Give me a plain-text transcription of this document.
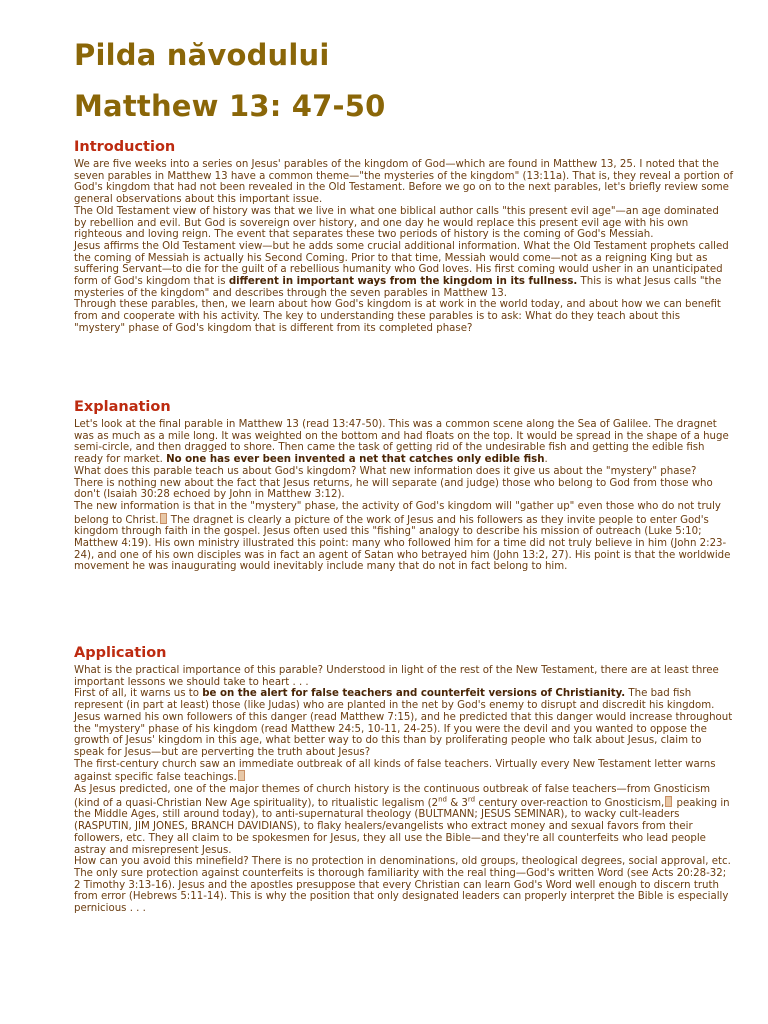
Pilda năvodului
Matthew 13: 47-50
Introduction

We are five weeks into a series on Jesus' parables of the kingdom of God—which are found in Matthew 13, 25. I noted that the seven parables in Matthew 13 have a common theme—"the mysteries of the kingdom" (13:11a). That is, they reveal a portion of God's kingdom that had not been revealed in the Old Testament. Before we go on to the next parables, let's briefly review some general observations about this important issue.

The Old Testament view of history was that we live in what one biblical author calls "this present evil age"—an age dominated by rebellion and evil. But God is sovereign over history, and one day he would replace this present evil age with his own righteous and loving reign. The event that separates these two periods of history is the coming of God's Messiah.

Jesus affirms the Old Testament view—but he adds some crucial additional information. What the Old Testament prophets called the coming of Messiah is actually his Second Coming. Prior to that time, Messiah would come—not as a reigning King but as suffering Servant—to die for the guilt of a rebellious humanity who God loves. His first coming would usher in an unanticipated form of God's kingdom that is different in important ways from the kingdom in its fullness. This is what Jesus calls "the mysteries of the kingdom" and describes through the seven parables in Matthew 13.

Through these parables, then, we learn about how God's kingdom is at work in the world today, and about how we can benefit from and cooperate with his activity. The key to understanding these parables is to ask: What do they teach about this "mystery" phase of God's kingdom that is different from its completed phase?

Explanation

Let's look at the final parable in Matthew 13 (read 13:47-50). This was a common scene along the Sea of Galilee. The dragnet was as much as a mile long. It was weighted on the bottom and had floats on the top. It would be spread in the shape of a huge semi-circle, and then dragged to shore. Then came the task of getting rid of the undesirable fish and getting the edible fish ready for market. No one has ever been invented a net that catches only edible fish.

What does this parable teach us about God's kingdom? What new information does it give us about the "mystery" phase?

There is nothing new about the fact that Jesus returns, he will separate (and judge) those who belong to God from those who don't (Isaiah 30:28 echoed by John in Matthew 3:12).

The new information is that in the "mystery" phase, the activity of God's kingdom will "gather up" even those who do not truly belong to Christ. The dragnet is clearly a picture of the work of Jesus and his followers as they invite people to enter God's kingdom through faith in the gospel. Jesus often used this "fishing" analogy to describe his mission of outreach (Luke 5:10; Matthew 4:19). His own ministry illustrated this point: many who followed him for a time did not truly believe in him (John 2:23-24), and one of his own disciples was in fact an agent of Satan who betrayed him (John 13:2, 27). His point is that the worldwide movement he was inaugurating would inevitably include many that do not in fact belong to him.

Application

What is the practical importance of this parable? Understood in light of the rest of the New Testament, there are at least three important lessons we should take to heart . . .

First of all, it warns us to be on the alert for false teachers and counterfeit versions of Christianity. The bad fish represent (in part at least) those (like Judas) who are planted in the net by God's enemy to disrupt and discredit his kingdom. Jesus warned his own followers of this danger (read Matthew 7:15), and he predicted that this danger would increase throughout the "mystery" phase of his kingdom (read Matthew 24:5, 10-11, 24-25). If you were the devil and you wanted to oppose the growth of Jesus' kingdom in this age, what better way to do this than by proliferating people who talk about Jesus, claim to speak for Jesus—but are perverting the truth about Jesus?

The first-century church saw an immediate outbreak of all kinds of false teachers. Virtually every New Testament letter warns against specific false teachings.

As Jesus predicted, one of the major themes of church history is the continuous outbreak of false teachers—from Gnosticism (kind of a quasi-Christian New Age spirituality), to ritualistic legalism (2nd & 3rd century over-reaction to Gnosticism, peaking in the Middle Ages, still around today), to anti-supernatural theology (BULTMANN; JESUS SEMINAR), to wacky cult-leaders (RASPUTIN, JIM JONES, BRANCH DAVIDIANS), to flaky healers/evangelists who extract money and sexual favors from their followers, etc. They all claim to be spokesmen for Jesus, they all use the Bible—and they're all counterfeits who lead people astray and misrepresent Jesus.

How can you avoid this minefield? There is no protection in denominations, old groups, theological degrees, social approval, etc. The only sure protection against counterfeits is thorough familiarity with the real thing—God's written Word (see Acts 20:28-32; 2 Timothy 3:13-16). Jesus and the apostles presuppose that every Christian can learn God's Word well enough to discern truth from error (Hebrews 5:11-14). This is why the position that only designated leaders can properly interpret the Bible is especially pernicious . . .
